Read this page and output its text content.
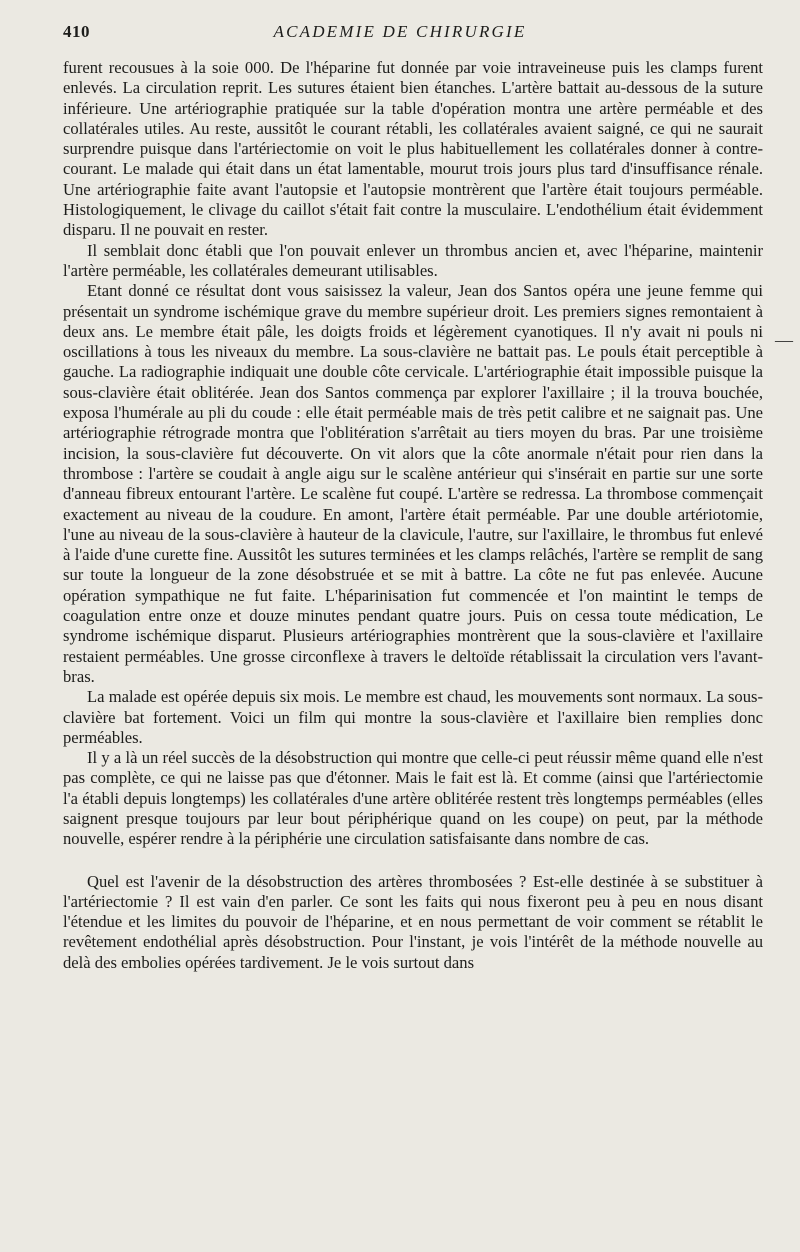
410	ACADEMIE DE CHIRURGIE

furent recousues à la soie 000. De l'héparine fut donnée par voie intraveineuse puis les clamps furent enlevés. La circulation reprit. Les sutures étaient bien étanches. L'artère battait au-dessous de la suture inférieure. Une artériographie pratiquée sur la table d'opération montra une artère perméable et des collatérales utiles. Au reste, aussitôt le courant rétabli, les collatérales avaient saigné, ce qui ne saurait surprendre puisque dans l'artériectomie on voit le plus habituellement les collatérales donner à contre-courant. Le malade qui était dans un état lamentable, mourut trois jours plus tard d'insuffisance rénale. Une artériographie faite avant l'autopsie et l'autopsie montrèrent que l'artère était toujours perméable. Histologiquement, le clivage du caillot s'était fait contre la musculaire. L'endothélium était évidemment disparu. Il ne pouvait en rester.

Il semblait donc établi que l'on pouvait enlever un thrombus ancien et, avec l'héparine, maintenir l'artère perméable, les collatérales demeurant utilisables.

Etant donné ce résultat dont vous saisissez la valeur, Jean dos Santos opéra une jeune femme qui présentait un syndrome ischémique grave du membre supérieur droit. Les premiers signes remontaient à deux ans. Le membre était pâle, les doigts froids et légèrement cyanotiques. Il n'y avait ni pouls ni oscillations à tous les niveaux du membre. La sous-clavière ne battait pas. Le pouls était perceptible à gauche. La radiographie indiquait une double côte cervicale. L'artériographie était impossible puisque la sous-clavière était oblitérée. Jean dos Santos commença par explorer l'axillaire ; il la trouva bouchée, exposa l'humérale au pli du coude : elle était perméable mais de très petit calibre et ne saignait pas. Une artériographie rétrograde montra que l'oblitération s'arrêtait au tiers moyen du bras. Par une troisième incision, la sous-clavière fut découverte. On vit alors que la côte anormale n'était pour rien dans la thrombose : l'artère se coudait à angle aigu sur le scalène antérieur qui s'insérait en partie sur une sorte d'anneau fibreux entourant l'artère. Le scalène fut coupé. L'artère se redressa. La thrombose commençait exactement au niveau de la coudure. En amont, l'artère était perméable. Par une double artériotomie, l'une au niveau de la sous-clavière à hauteur de la clavicule, l'autre, sur l'axillaire, le thrombus fut enlevé à l'aide d'une curette fine. Aussitôt les sutures terminées et les clamps relâchés, l'artère se remplit de sang sur toute la longueur de la zone désobstruée et se mit à battre. La côte ne fut pas enlevée. Aucune opération sympathique ne fut faite. L'héparinisation fut commencée et l'on maintint le temps de coagulation entre onze et douze minutes pendant quatre jours. Puis on cessa toute médication, Le syndrome ischémique disparut. Plusieurs artériographies montrèrent que la sous-clavière et l'axillaire restaient perméables. Une grosse circonflexe à travers le deltoïde rétablissait la circulation vers l'avant-bras.

La malade est opérée depuis six mois. Le membre est chaud, les mouvements sont normaux. La sous-clavière bat fortement. Voici un film qui montre la sous-clavière et l'axillaire bien remplies donc perméables.

Il y a là un réel succès de la désobstruction qui montre que celle-ci peut réussir même quand elle n'est pas complète, ce qui ne laisse pas que d'étonner. Mais le fait est là. Et comme (ainsi que l'artériectomie l'a établi depuis longtemps) les collatérales d'une artère oblitérée restent très longtemps perméables (elles saignent presque toujours par leur bout périphérique quand on les coupe) on peut, par la méthode nouvelle, espérer rendre à la périphérie une circulation satisfaisante dans nombre de cas.

Quel est l'avenir de la désobstruction des artères thrombosées ? Est-elle destinée à se substituer à l'artériectomie ? Il est vain d'en parler. Ce sont les faits qui nous fixeront peu à peu en nous disant l'étendue et les limites du pouvoir de l'héparine, et en nous permettant de voir comment se rétablit le revêtement endothélial après désobstruction. Pour l'instant, je vois l'intérêt de la méthode nouvelle au delà des embolies opérées tardivement. Je le vois surtout dans

—
